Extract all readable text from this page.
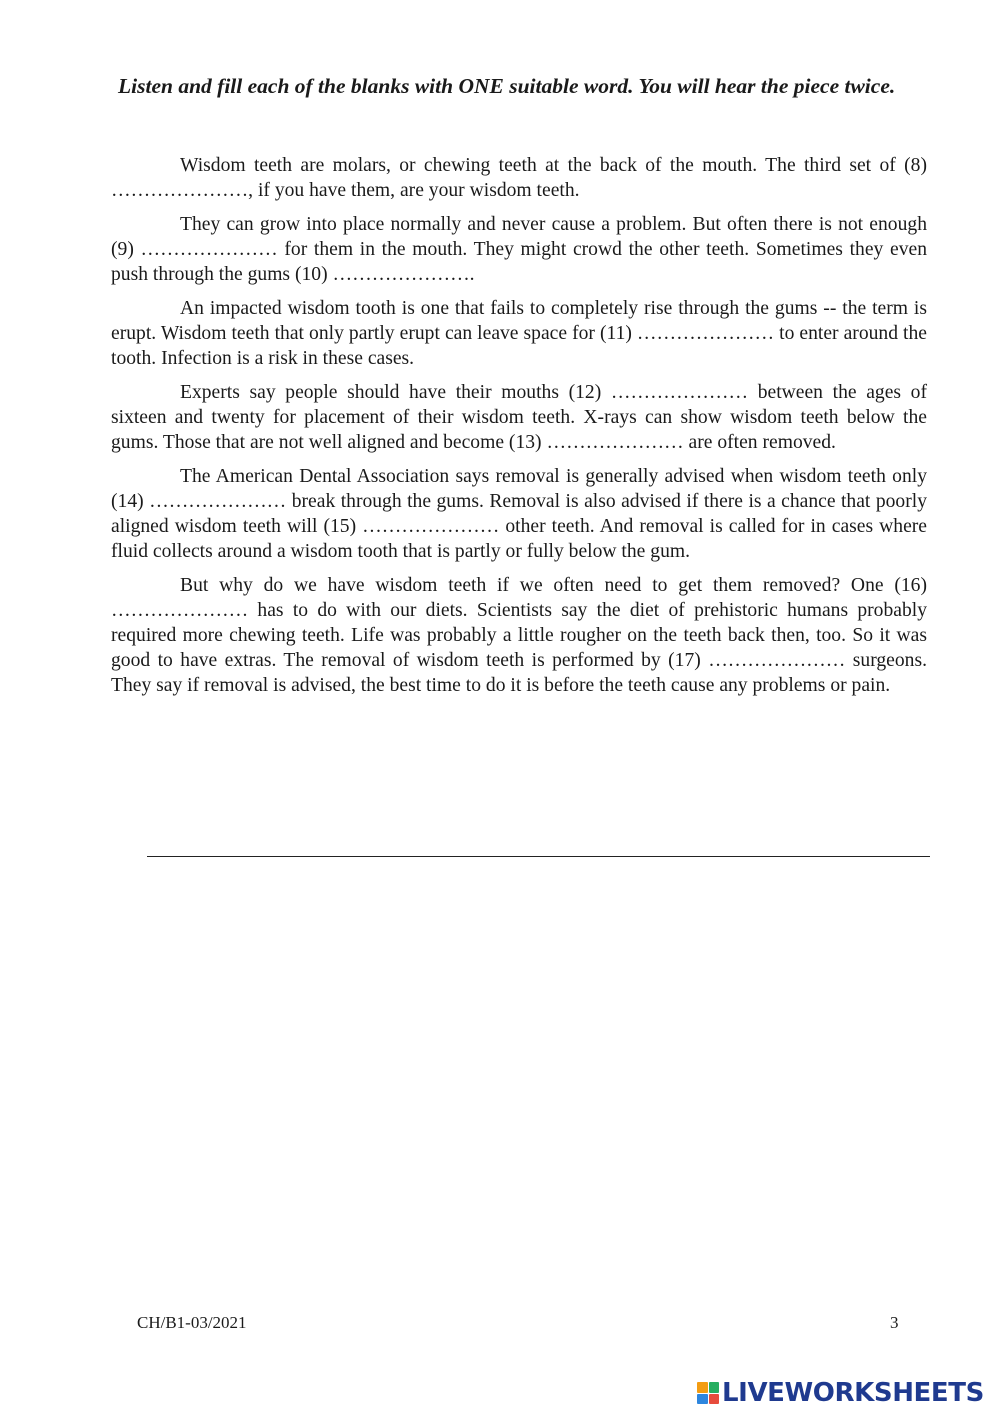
Listen and fill each of the blanks with ONE suitable word. You will hear the piece twice.

Wisdom teeth are molars, or chewing teeth at the back of the mouth. The third set of (8) …………………, if you have them, are your wisdom teeth.

They can grow into place normally and never cause a problem. But often there is not enough (9) ………………… for them in the mouth. They might crowd the other teeth. Sometimes they even push through the gums (10) ………………….

An impacted wisdom tooth is one that fails to completely rise through the gums -- the term is erupt. Wisdom teeth that only partly erupt can leave space for (11) ………………… to enter around the tooth. Infection is a risk in these cases.

Experts say people should have their mouths (12) ………………… between the ages of sixteen and twenty for placement of their wisdom teeth. X-rays can show wisdom teeth below the gums. Those that are not well aligned and become (13) ………………… are often removed.

The American Dental Association says removal is generally advised when wisdom teeth only (14) ………………… break through the gums. Removal is also advised if there is a chance that poorly aligned wisdom teeth will (15) ………………… other teeth. And removal is called for in cases where fluid collects around a wisdom tooth that is partly or fully below the gum.

But why do we have wisdom teeth if we often need to get them removed? One (16) ………………… has to do with our diets. Scientists say the diet of prehistoric humans probably required more chewing teeth. Life was probably a little rougher on the teeth back then, too. So it was good to have extras. The removal of wisdom teeth is performed by (17) ………………… surgeons. They say if removal is advised, the best time to do it is before the teeth cause any problems or pain.

CH/B1-03/2021	3
LIVEWORKSHEETS
